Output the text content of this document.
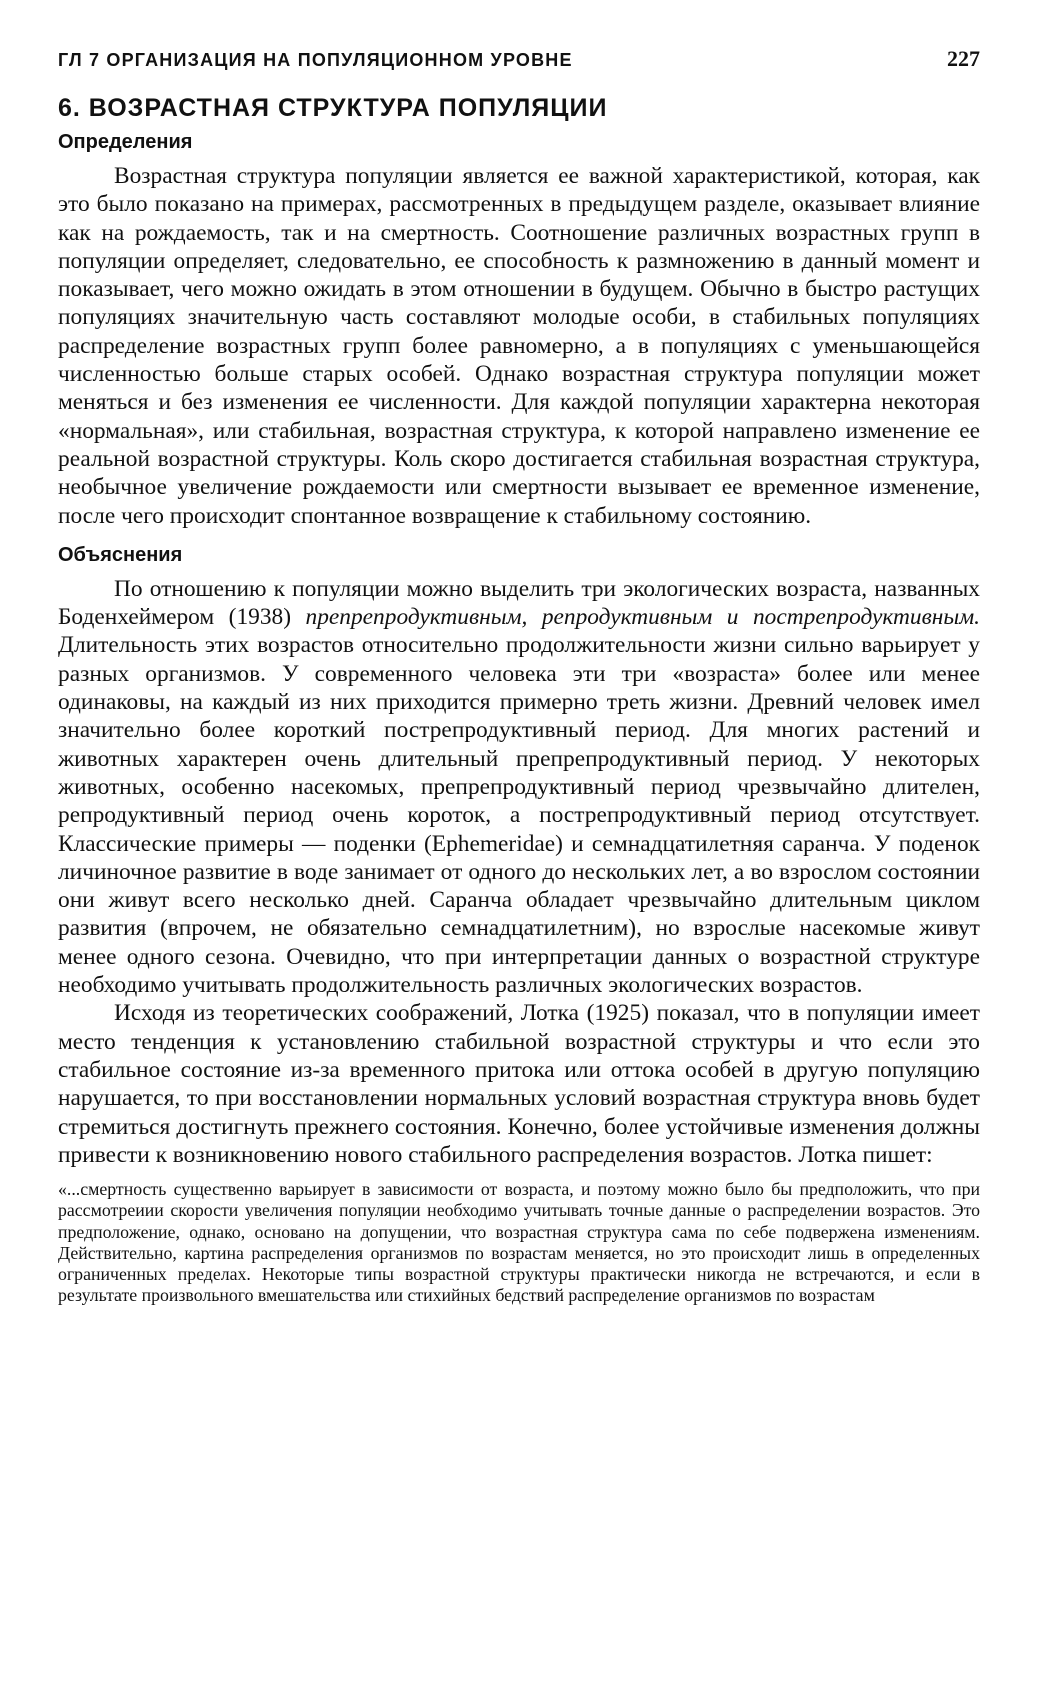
ГЛ 7 ОРГАНИЗАЦИЯ НА ПОПУЛЯЦИОННОМ УРОВНЕ	227
6. ВОЗРАСТНАЯ СТРУКТУРА ПОПУЛЯЦИИ
Определения

Возрастная структура популяции является ее важной характеристикой, которая, как это было показано на примерах, рассмотренных в предыдущем разделе, оказывает влияние как на рождаемость, так и на смертность. Соотношение различных возрастных групп в популяции определяет, следовательно, ее способность к размножению в данный момент и показывает, чего можно ожидать в этом отношении в будущем. Обычно в быстро растущих популяциях значительную часть составляют молодые особи, в стабильных популяциях распределение возрастных групп более равномерно, а в популяциях с уменьшающейся численностью больше старых особей. Однако возрастная структура популяции может меняться и без изменения ее численности. Для каждой популяции характерна некоторая «нормальная», или стабильная, возрастная структура, к которой направлено изменение ее реальной возрастной структуры. Коль скоро достигается стабильная возрастная структура, необычное увеличение рождаемости или смертности вызывает ее временное изменение, после чего происходит спонтанное возвращение к стабильному состоянию.

Объяснения

По отношению к популяции можно выделить три экологических возраста, названных Боденхеймером (1938) препрепродуктивным, репродуктивным и пострепродуктивным. Длительность этих возрастов относительно продолжительности жизни сильно варьирует у разных организмов. У современного человека эти три «возраста» более или менее одинаковы, на каждый из них приходится примерно треть жизни. Древний человек имел значительно более короткий пострепродуктивный период. Для многих растений и животных характерен очень длительный препрепродуктивный период. У некоторых животных, особенно насекомых, препрепродуктивный период чрезвычайно длителен, репродуктивный период очень короток, а пострепродуктивный период отсутствует. Классические примеры — поденки (Ephemeridae) и семнадцатилетняя саранча. У поденок личиночное развитие в воде занимает от одного до нескольких лет, а во взрослом состоянии они живут всего несколько дней. Саранча обладает чрезвычайно длительным циклом развития (впрочем, не обязательно семнадцатилетним), но взрослые насекомые живут менее одного сезона. Очевидно, что при интерпретации данных о возрастной структуре необходимо учитывать продолжительность различных экологических возрастов.

Исходя из теоретических соображений, Лотка (1925) показал, что в популяции имеет место тенденция к установлению стабильной возрастной структуры и что если это стабильное состояние из-за временного притока или оттока особей в другую популяцию нарушается, то при восстановлении нормальных условий возрастная структура вновь будет стремиться достигнуть прежнего состояния. Конечно, более устойчивые изменения должны привести к возникновению нового стабильного распределения возрастов. Лотка пишет:

«...смертность существенно варьирует в зависимости от возраста, и поэтому можно было бы предположить, что при рассмотреиии скорости увеличения популяции необходимо учитывать точные данные о распределении возрастов. Это предположение, однако, основано на допущении, что возрастная структура сама по себе подвержена изменениям. Действительно, картина распределения организмов по возрастам меняется, но это происходит лишь в определенных ограниченных пределах. Некоторые типы возрастной структуры практически никогда не встречаются, и если в результате произвольного вмешательства или стихийных бедствий распределение организмов по возрастам
